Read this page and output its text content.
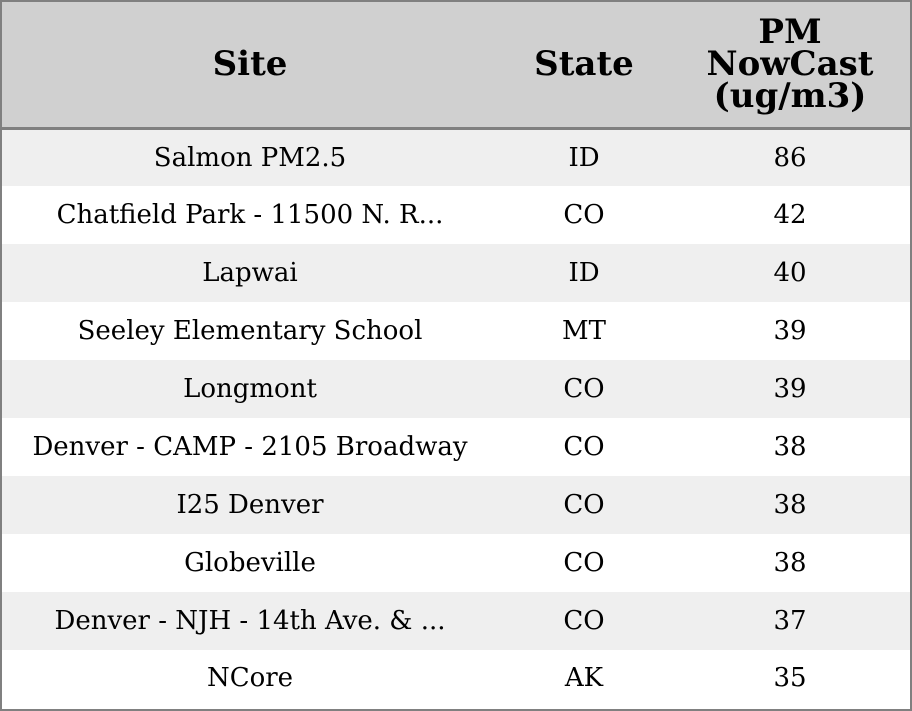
Site	State	PM
NowCast
(ug/m3)

Salmon PM2.5	ID	86
Chatfield Park - 11500 N. R...	CO	42
Lapwai	ID	40
Seeley Elementary School	MT	39
Longmont	CO	39
Denver - CAMP - 2105 Broadway	CO	38
I25 Denver	CO	38
Globeville	CO	38
Denver - NJH - 14th Ave. & ...	CO	37
NCore	AK	35
